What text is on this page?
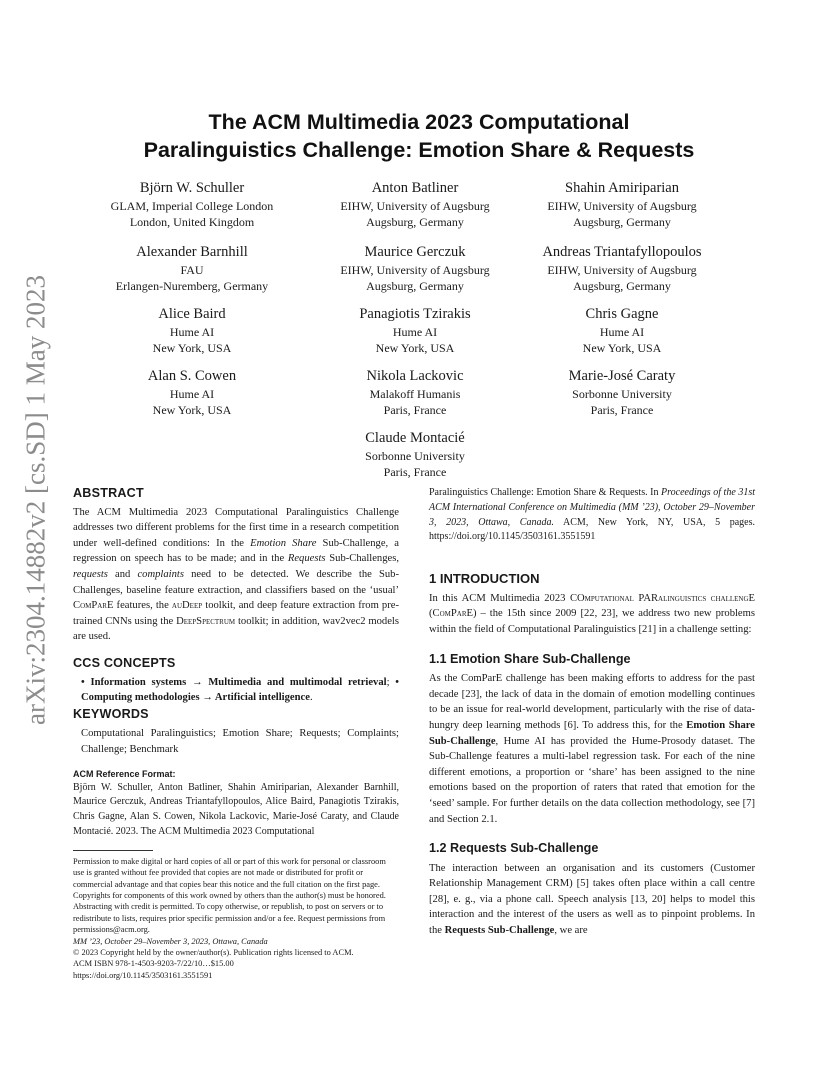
arXiv:2304.14882v2 [cs.SD] 1 May 2023
The ACM Multimedia 2023 Computational
Paralinguistics Challenge: Emotion Share & Requests
Björn W. Schuller
GLAM, Imperial College London
London, United Kingdom
Anton Batliner
EIHW, University of Augsburg
Augsburg, Germany
Shahin Amiriparian
EIHW, University of Augsburg
Augsburg, Germany
Alexander Barnhill
FAU
Erlangen-Nuremberg, Germany
Maurice Gerczuk
EIHW, University of Augsburg
Augsburg, Germany
Andreas Triantafyllopoulos
EIHW, University of Augsburg
Augsburg, Germany
Alice Baird
Hume AI
New York, USA
Panagiotis Tzirakis
Hume AI
New York, USA
Chris Gagne
Hume AI
New York, USA
Alan S. Cowen
Hume AI
New York, USA
Nikola Lackovic
Malakoff Humanis
Paris, France
Marie-José Caraty
Sorbonne University
Paris, France
Claude Montacié
Sorbonne University
Paris, France
ABSTRACT

The ACM Multimedia 2023 Computational Paralinguistics Challenge addresses two different problems for the first time in a research competition under well-defined conditions: In the Emotion Share Sub-Challenge, a regression on speech has to be made; and in the Requests Sub-Challenges, requests and complaints need to be detected. We describe the Sub-Challenges, baseline feature extraction, and classifiers based on the ‘usual’ ComParE features, the auDeep toolkit, and deep feature extraction from pre-trained CNNs using the DeepSpectrum toolkit; in addition, wav2vec2 models are used.

CCS CONCEPTS

• Information systems → Multimedia and multimodal retrieval; • Computing methodologies → Artificial intelligence.

KEYWORDS

Computational Paralinguistics; Emotion Share; Requests; Complaints; Challenge; Benchmark

ACM Reference Format:

Björn W. Schuller, Anton Batliner, Shahin Amiriparian, Alexander Barnhill, Maurice Gerczuk, Andreas Triantafyllopoulos, Alice Baird, Panagiotis Tzirakis, Chris Gagne, Alan S. Cowen, Nikola Lackovic, Marie-José Caraty, and Claude Montacié. 2023. The ACM Multimedia 2023 Computational

Permission to make digital or hard copies of all or part of this work for personal or classroom use is granted without fee provided that copies are not made or distributed for profit or commercial advantage and that copies bear this notice and the full citation on the first page. Copyrights for components of this work owned by others than the author(s) must be honored. Abstracting with credit is permitted. To copy otherwise, or republish, to post on servers or to redistribute to lists, requires prior specific permission and/or a fee. Request permissions from permissions@acm.org.

MM ’23, October 29–November 3, 2023, Ottawa, Canada

© 2023 Copyright held by the owner/author(s). Publication rights licensed to ACM.

ACM ISBN 978-1-4503-9203-7/22/10…$15.00

https://doi.org/10.1145/3503161.3551591

Paralinguistics Challenge: Emotion Share & Requests. In Proceedings of the 31st ACM International Conference on Multimedia (MM ’23), October 29–November 3, 2023, Ottawa, Canada. ACM, New York, NY, USA, 5 pages. https://doi.org/10.1145/3503161.3551591

1 INTRODUCTION

In this ACM Multimedia 2023 COmputational PARalinguistics challengE (ComParE) – the 15th since 2009 [22, 23], we address two new problems within the field of Computational Paralinguistics [21] in a challenge setting:

1.1 Emotion Share Sub-Challenge

As the ComParE challenge has been making efforts to address for the past decade [23], the lack of data in the domain of emotion modelling continues to be an issue for real-world development, particularly with the rise of data-hungry deep learning methods [6]. To address this, for the Emotion Share Sub-Challenge, Hume AI has provided the Hume-Prosody dataset. The Sub-Challenge features a multi-label regression task. For each of the nine different emotions, a proportion or ‘share’ has been assigned to the nine emotions based on the proportion of raters that rated that emotion for the ‘seed’ sample. For further details on the data collection methodology, see [7] and Section 2.1.

1.2 Requests Sub-Challenge

The interaction between an organisation and its customers (Customer Relationship Management CRM) [5] takes often place within a call centre [28], e. g., via a phone call. Speech analysis [13, 20] helps to model this interaction and the interest of the users as well as to pinpoint problems. In the Requests Sub-Challenge, we are
